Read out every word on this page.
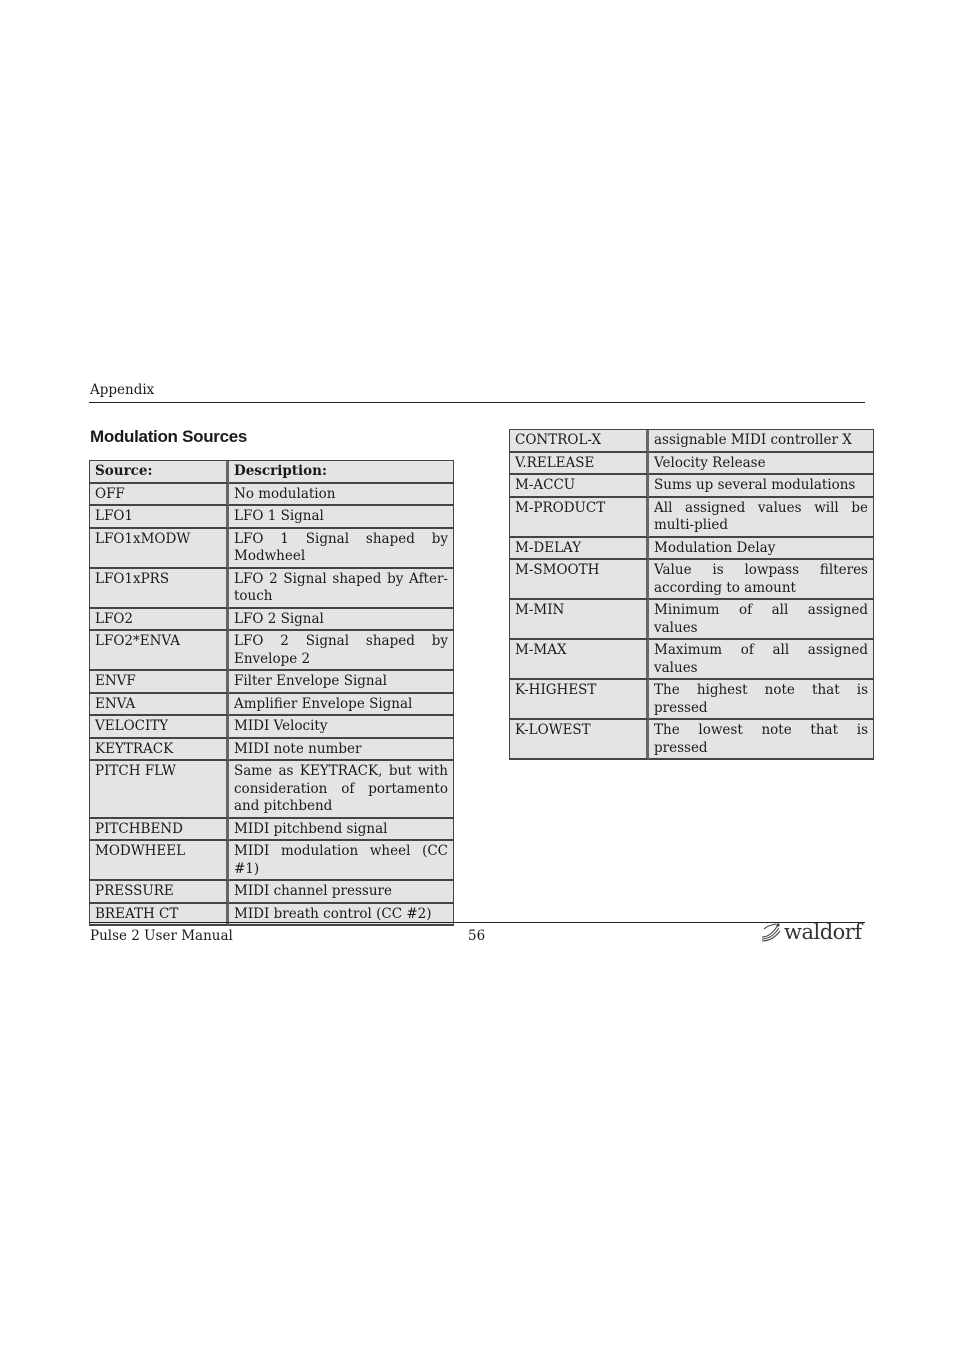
Appendix
Modulation Sources
Source:	Description:
OFF	No modulation
LFO1	LFO 1 Signal
LFO1xMODW	LFO 1 Signal shaped by Modwheel
LFO1xPRS	LFO 2 Signal shaped by After-touch
LFO2	LFO 2 Signal
LFO2*ENVA	LFO 2 Signal shaped by Envelope 2
ENVF	Filter Envelope Signal
ENVA	Amplifier Envelope Signal
VELOCITY	MIDI Velocity
KEYTRACK	MIDI note number
PITCH FLW	Same as KEYTRACK, but with consideration of portamento and pitchbend
PITCHBEND	MIDI pitchbend signal
MODWHEEL	MIDI modulation wheel (CC #1)
PRESSURE	MIDI channel pressure
BREATH CT	MIDI breath control (CC #2)
CONTROL-X	assignable MIDI controller X
V.RELEASE	Velocity Release
M-ACCU	Sums up several modulations
M-PRODUCT	All assigned values will be multi-plied
M-DELAY	Modulation Delay
M-SMOOTH	Value is lowpass filteres according to amount
M-MIN	Minimum of all assigned values
M-MAX	Maximum of all assigned values
K-HIGHEST	The highest note that is pressed
K-LOWEST	The lowest note that is pressed
Pulse 2 User Manual	56	waldorf
